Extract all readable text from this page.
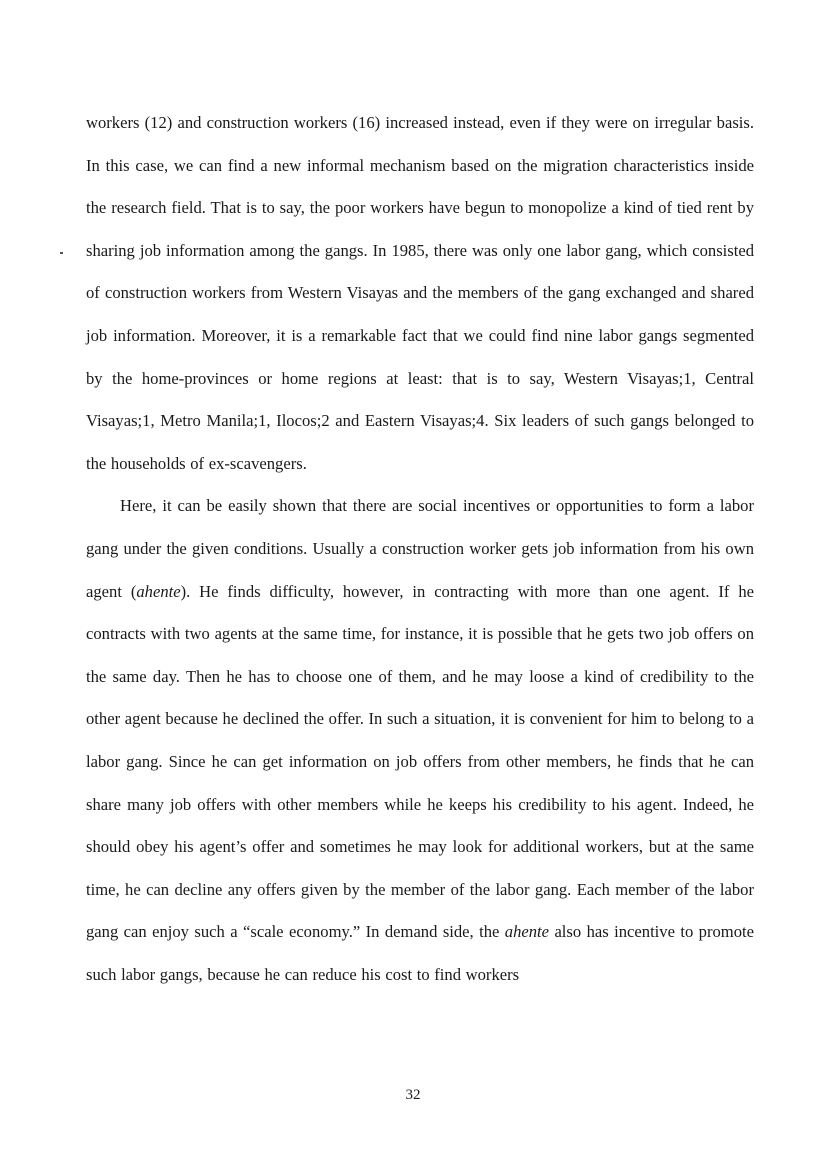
workers (12) and construction workers (16) increased instead, even if they were on irregular basis. In this case, we can find a new informal mechanism based on the migration characteristics inside the research field. That is to say, the poor workers have begun to monopolize a kind of tied rent by sharing job information among the gangs. In 1985, there was only one labor gang, which consisted of construction workers from Western Visayas and the members of the gang exchanged and shared job information. Moreover, it is a remarkable fact that we could find nine labor gangs segmented by the home-provinces or home regions at least: that is to say, Western Visayas;1, Central Visayas;1, Metro Manila;1, Ilocos;2 and Eastern Visayas;4. Six leaders of such gangs belonged to the households of ex-scavengers.

Here, it can be easily shown that there are social incentives or opportunities to form a labor gang under the given conditions. Usually a construction worker gets job information from his own agent (ahente). He finds difficulty, however, in contracting with more than one agent. If he contracts with two agents at the same time, for instance, it is possible that he gets two job offers on the same day. Then he has to choose one of them, and he may loose a kind of credibility to the other agent because he declined the offer. In such a situation, it is convenient for him to belong to a labor gang. Since he can get information on job offers from other members, he finds that he can share many job offers with other members while he keeps his credibility to his agent. Indeed, he should obey his agent’s offer and sometimes he may look for additional workers, but at the same time, he can decline any offers given by the member of the labor gang. Each member of the labor gang can enjoy such a “scale economy.” In demand side, the ahente also has incentive to promote such labor gangs, because he can reduce his cost to find workers

32
